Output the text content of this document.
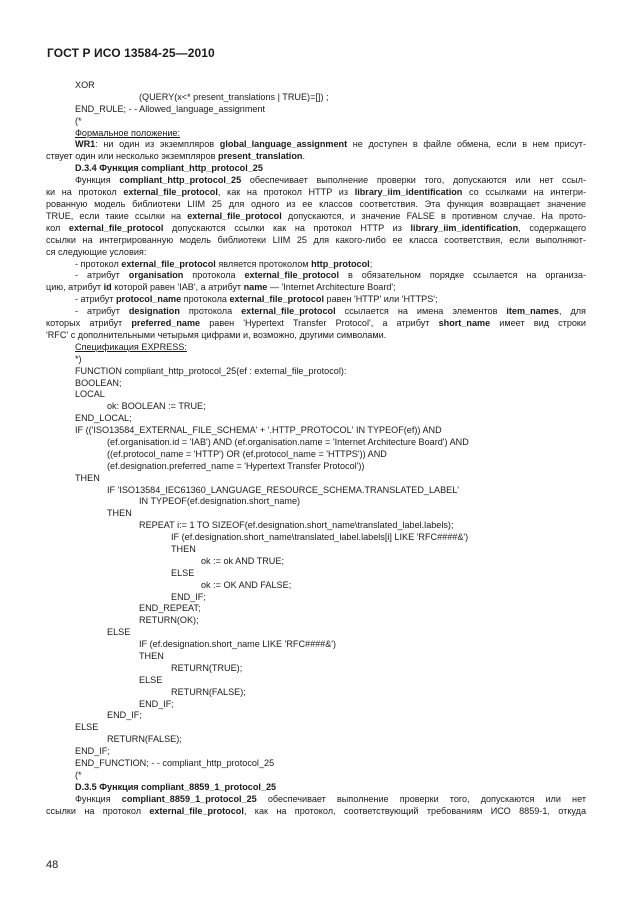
ГОСТ Р ИСО 13584-25—2010
XOR
(QUERY(x<* present_translations | TRUE)=[]) ;
END_RULE; - - Allowed_language_assignment
(*
Формальное положение:
WR1: ни один из экземпляров global_language_assignment не доступен в файле обмена, если в нем присут-
ствует один или несколько экземпляров present_translation.
D.3.4 Функция compliant_http_protocol_25
Функция compliant_http_protocol_25 обеспечивает выполнение проверки того, допускаются или нет ссыл-
ки на протокол external_file_protocol, как на протокол HTTP из library_iim_identification со ссылками на интегри-
рованную модель библиотеки LIIM 25 для одного из ее классов соответствия. Эта функция возвращает значение
TRUE, если такие ссылки на external_file_protocol допускаются, и значение FALSE в противном случае. На прото-
кол external_file_protocol допускаются ссылки как на протокол HTTP из library_iim_identification, содержащего
ссылки на интегрированную модель библиотеки LIIM 25 для какого-либо ее класса соответствия, если выполняют-
ся следующие условия:
- протокол external_file_protocol является протоколом http_protocol;
- атрибут organisation протокола external_file_protocol в обязательном порядке ссылается на организа-
цию, атрибут id которой равен 'IAB', а атрибут name — 'Internet Architecture Board';
- атрибут protocol_name протокола external_file_protocol равен 'HTTP' или 'HTTPS';
- атрибут designation протокола external_file_protocol ссылается на имена элементов item_names, для
которых атрибут preferred_name равен 'Hypertext Transfer Protocol', а атрибут short_name имеет вид строки
'RFC' с дополнительными четырьмя цифрами и, возможно, другими символами.
Спецификация EXPRESS:
*)
FUNCTION compliant_http_protocol_25(ef : external_file_protocol):
BOOLEAN;
LOCAL
ok: BOOLEAN := TRUE;
END_LOCAL;
IF (('ISO13584_EXTERNAL_FILE_SCHEMA' + '.HTTP_PROTOCOL' IN TYPEOF(ef)) AND
(ef.organisation.id = 'IAB') AND (ef.organisation.name = 'Internet Architecture Board') AND
((ef.protocol_name = 'HTTP') OR (ef.protocol_name = 'HTTPS')) AND
(ef.designation.preferred_name = 'Hypertext Transfer Protocol'))
THEN
IF 'ISO13584_IEC61360_LANGUAGE_RESOURCE_SCHEMA.TRANSLATED_LABEL'
IN TYPEOF(ef.designation.short_name)
THEN
REPEAT i:= 1 TO SIZEOF(ef.designation.short_name\translated_label.labels);
IF (ef.designation.short_name\translated_label.labels[i] LIKE 'RFC####&')
THEN
ok := ok AND TRUE;
ELSE
ok := OK AND FALSE;
END_IF;
END_REPEAT;
RETURN(OK);
ELSE
IF (ef.designation.short_name LIKE 'RFC####&')
THEN
RETURN(TRUE);
ELSE
RETURN(FALSE);
END_IF;
END_IF;
ELSE
RETURN(FALSE);
END_IF;
END_FUNCTION; - - compliant_http_protocol_25
(*
D.3.5 Функция compliant_8859_1_protocol_25
Функция compliant_8859_1_protocol_25 обеспечивает выполнение проверки того, допускаются или нет
ссылки на протокол external_file_protocol, как на протокол, соответствующий требованиям ИСО 8859-1, откуда
48
